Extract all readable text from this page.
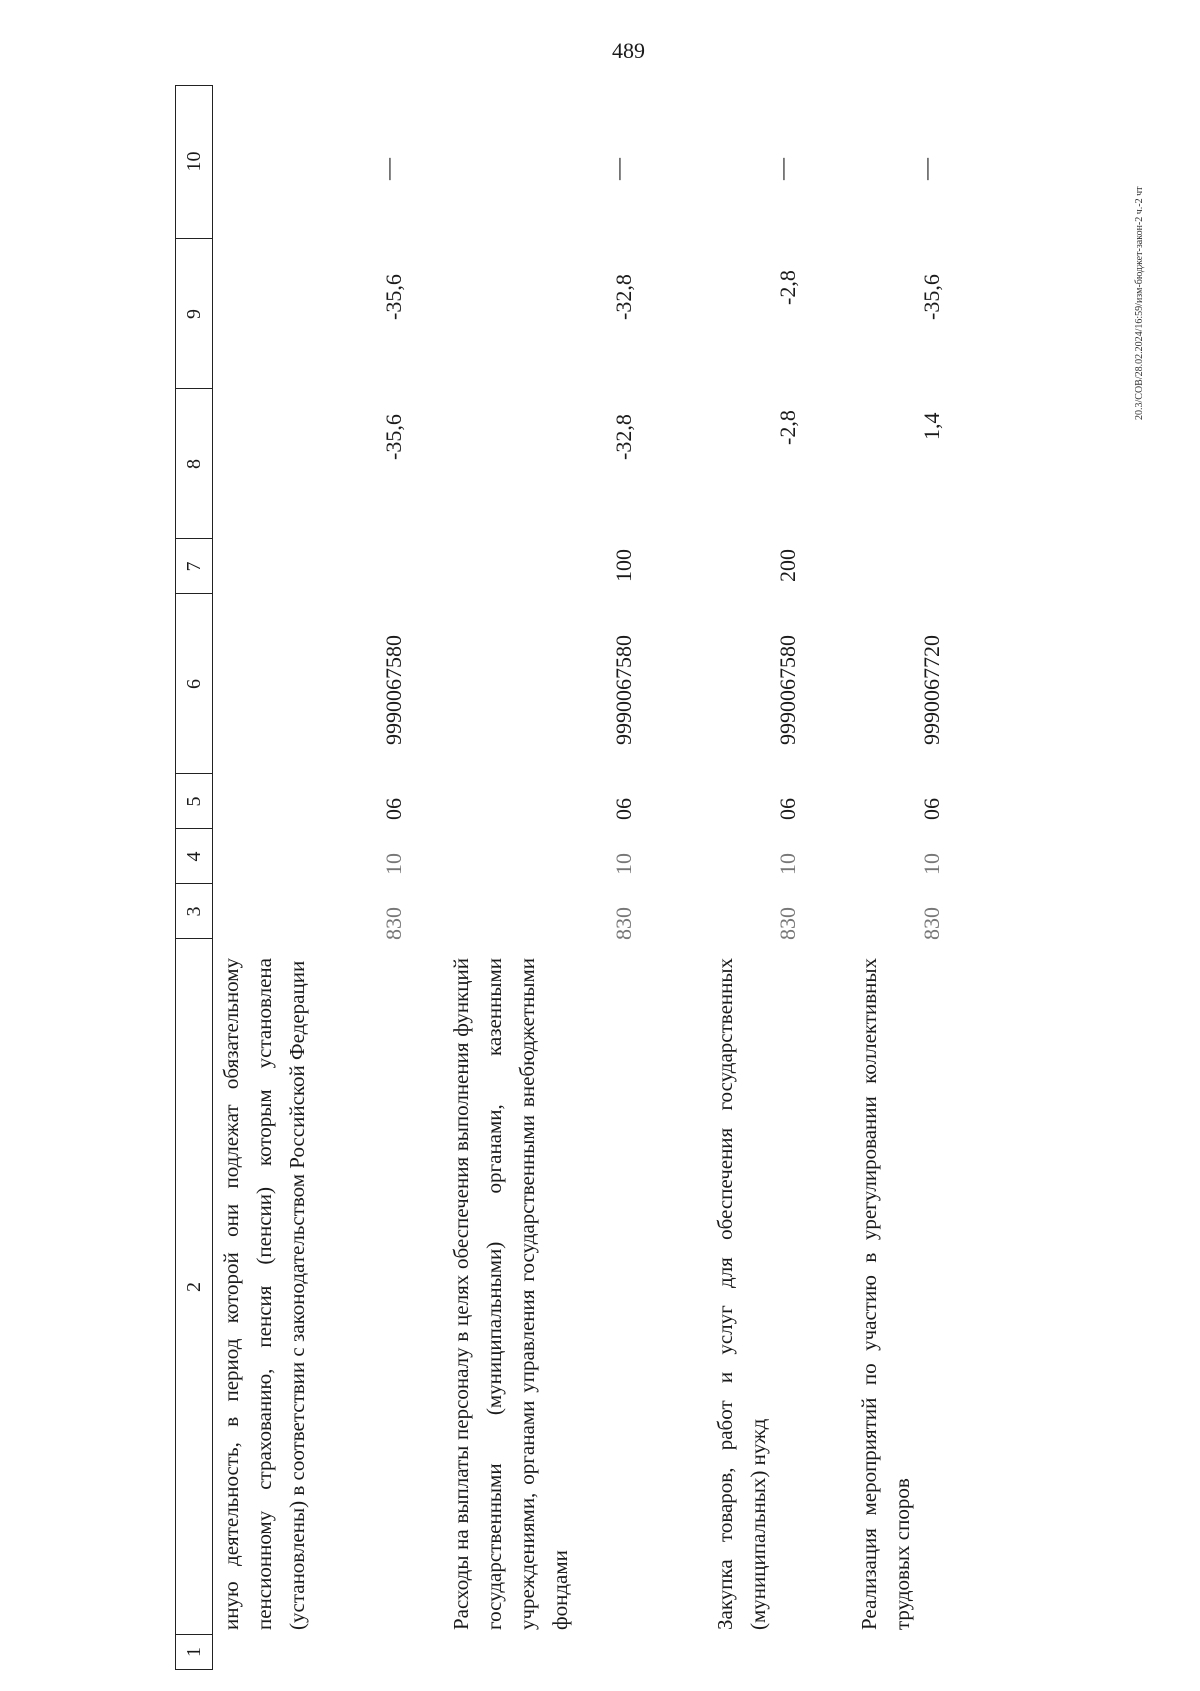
489
20.3/СОВ/28.02.2024/16:59/изм-бюджет-закон-2 ч.-2 чт
1
2
3
4
5
6
7
8
9
10
иную деятельность, в период которой они подлежат обязательному пенсионному страхованию, пенсия (пенсии) которым установлена (установлены) в соответствии с законодательством Российской Федерации
830
10
06
9990067580
-35,6
-35,6
—
Расходы на выплаты персоналу в целях обеспечения выполнения функций государственными (муниципальными) органами, казенными учреждениями, органами управления государственными внебюджетными фондами
830
10
06
9990067580
100
-32,8
-32,8
—
Закупка товаров, работ и услуг для обеспечения государственных (муниципальных) нужд
830
10
06
9990067580
200
-2,8
-2,8
—
Реализация мероприятий по участию в урегулировании коллективных трудовых споров
830
10
06
9990067720
1,4
-35,6
—
